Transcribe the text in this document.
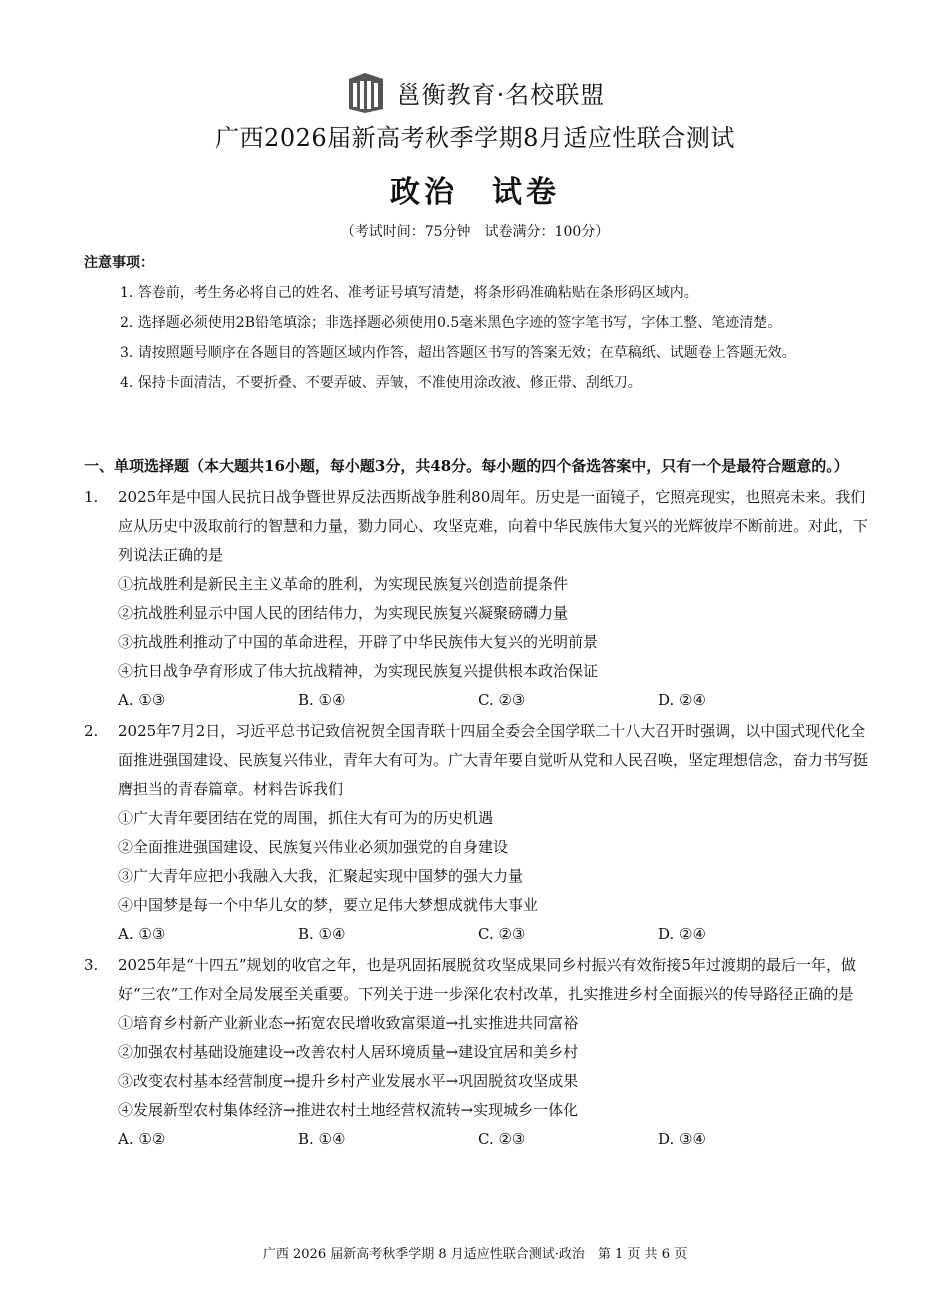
邕衡教育·名校联盟
广西2026届新高考秋季学期8月适应性联合测试
政治　试卷
（考试时间：75分钟　试卷满分：100分）
注意事项：
1. 答卷前，考生务必将自己的姓名、准考证号填写清楚，将条形码准确粘贴在条形码区域内。
2. 选择题必须使用2B铅笔填涂；非选择题必须使用0.5毫米黑色字迹的签字笔书写，字体工整、笔迹清楚。
3. 请按照题号顺序在各题目的答题区域内作答，超出答题区书写的答案无效；在草稿纸、试题卷上答题无效。
4. 保持卡面清洁，不要折叠、不要弄破、弄皱，不准使用涂改液、修正带、刮纸刀。
一、单项选择题（本大题共16小题，每小题3分，共48分。每小题的四个备选答案中，只有一个是最符合题意的。）
1. 2025年是中国人民抗日战争暨世界反法西斯战争胜利80周年。历史是一面镜子，它照亮现实，也照亮未来。我们应从历史中汲取前行的智慧和力量，勠力同心、攻坚克难，向着中华民族伟大复兴的光辉彼岸不断前进。对此，下列说法正确的是
①抗战胜利是新民主主义革命的胜利，为实现民族复兴创造前提条件
②抗战胜利显示中国人民的团结伟力，为实现民族复兴凝聚磅礴力量
③抗战胜利推动了中国的革命进程，开辟了中华民族伟大复兴的光明前景
④抗日战争孕育形成了伟大抗战精神，为实现民族复兴提供根本政治保证
A. ①③	B. ①④	C. ②③	D. ②④
2. 2025年7月2日，习近平总书记致信祝贺全国青联十四届全委会全国学联二十八大召开时强调，以中国式现代化全面推进强国建设、民族复兴伟业，青年大有可为。广大青年要自觉听从党和人民召唤，坚定理想信念，奋力书写挺膺担当的青春篇章。材料告诉我们
①广大青年要团结在党的周围，抓住大有可为的历史机遇
②全面推进强国建设、民族复兴伟业必须加强党的自身建设
③广大青年应把小我融入大我，汇聚起实现中国梦的强大力量
④中国梦是每一个中华儿女的梦，要立足伟大梦想成就伟大事业
A. ①③	B. ①④	C. ②③	D. ②④
3. 2025年是“十四五”规划的收官之年，也是巩固拓展脱贫攻坚成果同乡村振兴有效衔接5年过渡期的最后一年，做好“三农”工作对全局发展至关重要。下列关于进一步深化农村改革，扎实推进乡村全面振兴的传导路径正确的是
①培育乡村新产业新业态→拓宽农民增收致富渠道→扎实推进共同富裕
②加强农村基础设施建设→改善农村人居环境质量→建设宜居和美乡村
③改变农村基本经营制度→提升乡村产业发展水平→巩固脱贫攻坚成果
④发展新型农村集体经济→推进农村土地经营权流转→实现城乡一体化
A. ①②	B. ①④	C. ②③	D. ③④
广西 2026 届新高考秋季学期 8 月适应性联合测试·政治　第 1 页 共 6 页
